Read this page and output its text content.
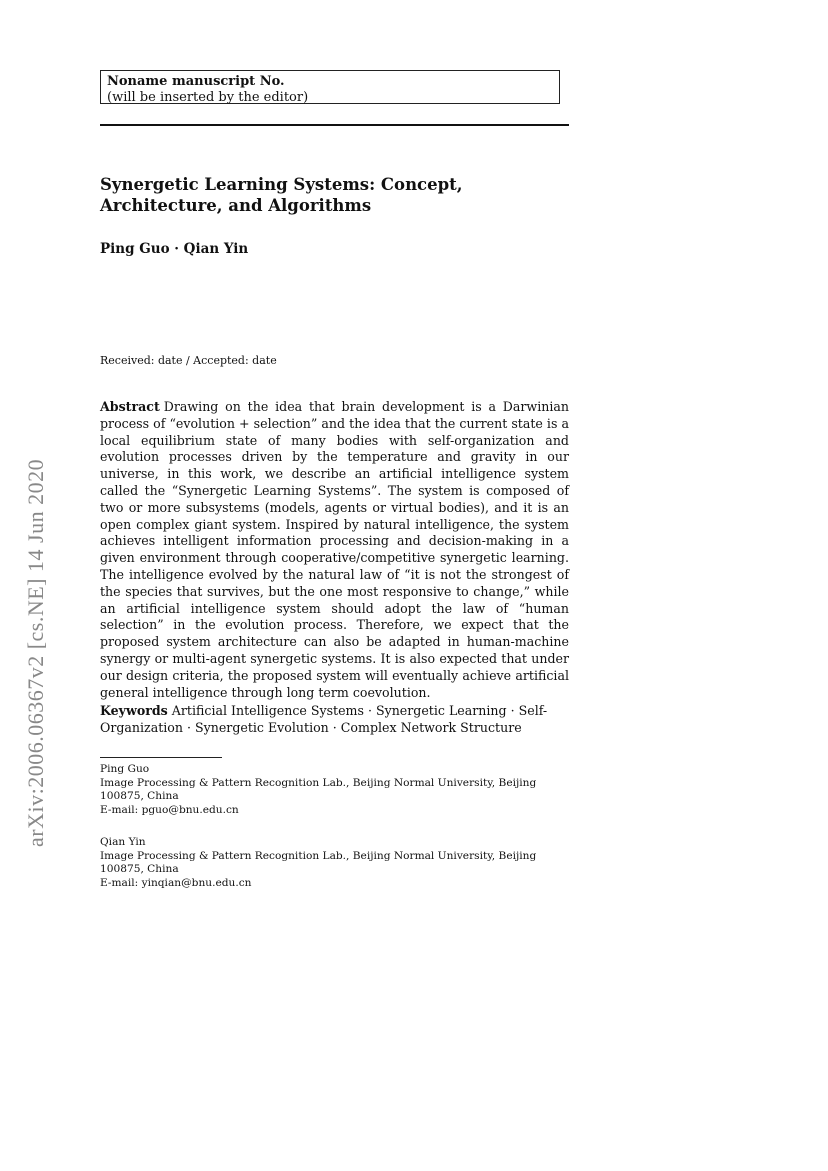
Noname manuscript No.
(will be inserted by the editor)
Synergetic Learning Systems: Concept, Architecture, and Algorithms

Ping Guo · Qian Yin

Received: date / Accepted: date

Abstract Drawing on the idea that brain development is a Darwinian process of “evolution + selection” and the idea that the current state is a local equilibrium state of many bodies with self-organization and evolution processes driven by the temperature and gravity in our universe, in this work, we describe an artificial intelligence system called the “Synergetic Learning Systems”. The system is composed of two or more subsystems (models, agents or virtual bodies), and it is an open complex giant system. Inspired by natural intelligence, the system achieves intelligent information processing and decision-making in a given environment through cooperative/competitive synergetic learning. The intelligence evolved by the natural law of “it is not the strongest of the species that survives, but the one most responsive to change,” while an artificial intelligence system should adopt the law of “human selection” in the evolution process. Therefore, we expect that the proposed system architecture can also be adapted in human-machine synergy or multi-agent synergetic systems. It is also expected that under our design criteria, the proposed system will eventually achieve artificial general intelligence through long term coevolution.

Keywords Artificial Intelligence Systems · Synergetic Learning · Self-Organization · Synergetic Evolution · Complex Network Structure

Ping Guo
Image Processing & Pattern Recognition Lab., Beijing Normal University, Beijing 100875, China
E-mail: pguo@bnu.edu.cn
Qian Yin
Image Processing & Pattern Recognition Lab., Beijing Normal University, Beijing 100875, China
E-mail: yinqian@bnu.edu.cn
arXiv:2006.06367v2 [cs.NE] 14 Jun 2020
